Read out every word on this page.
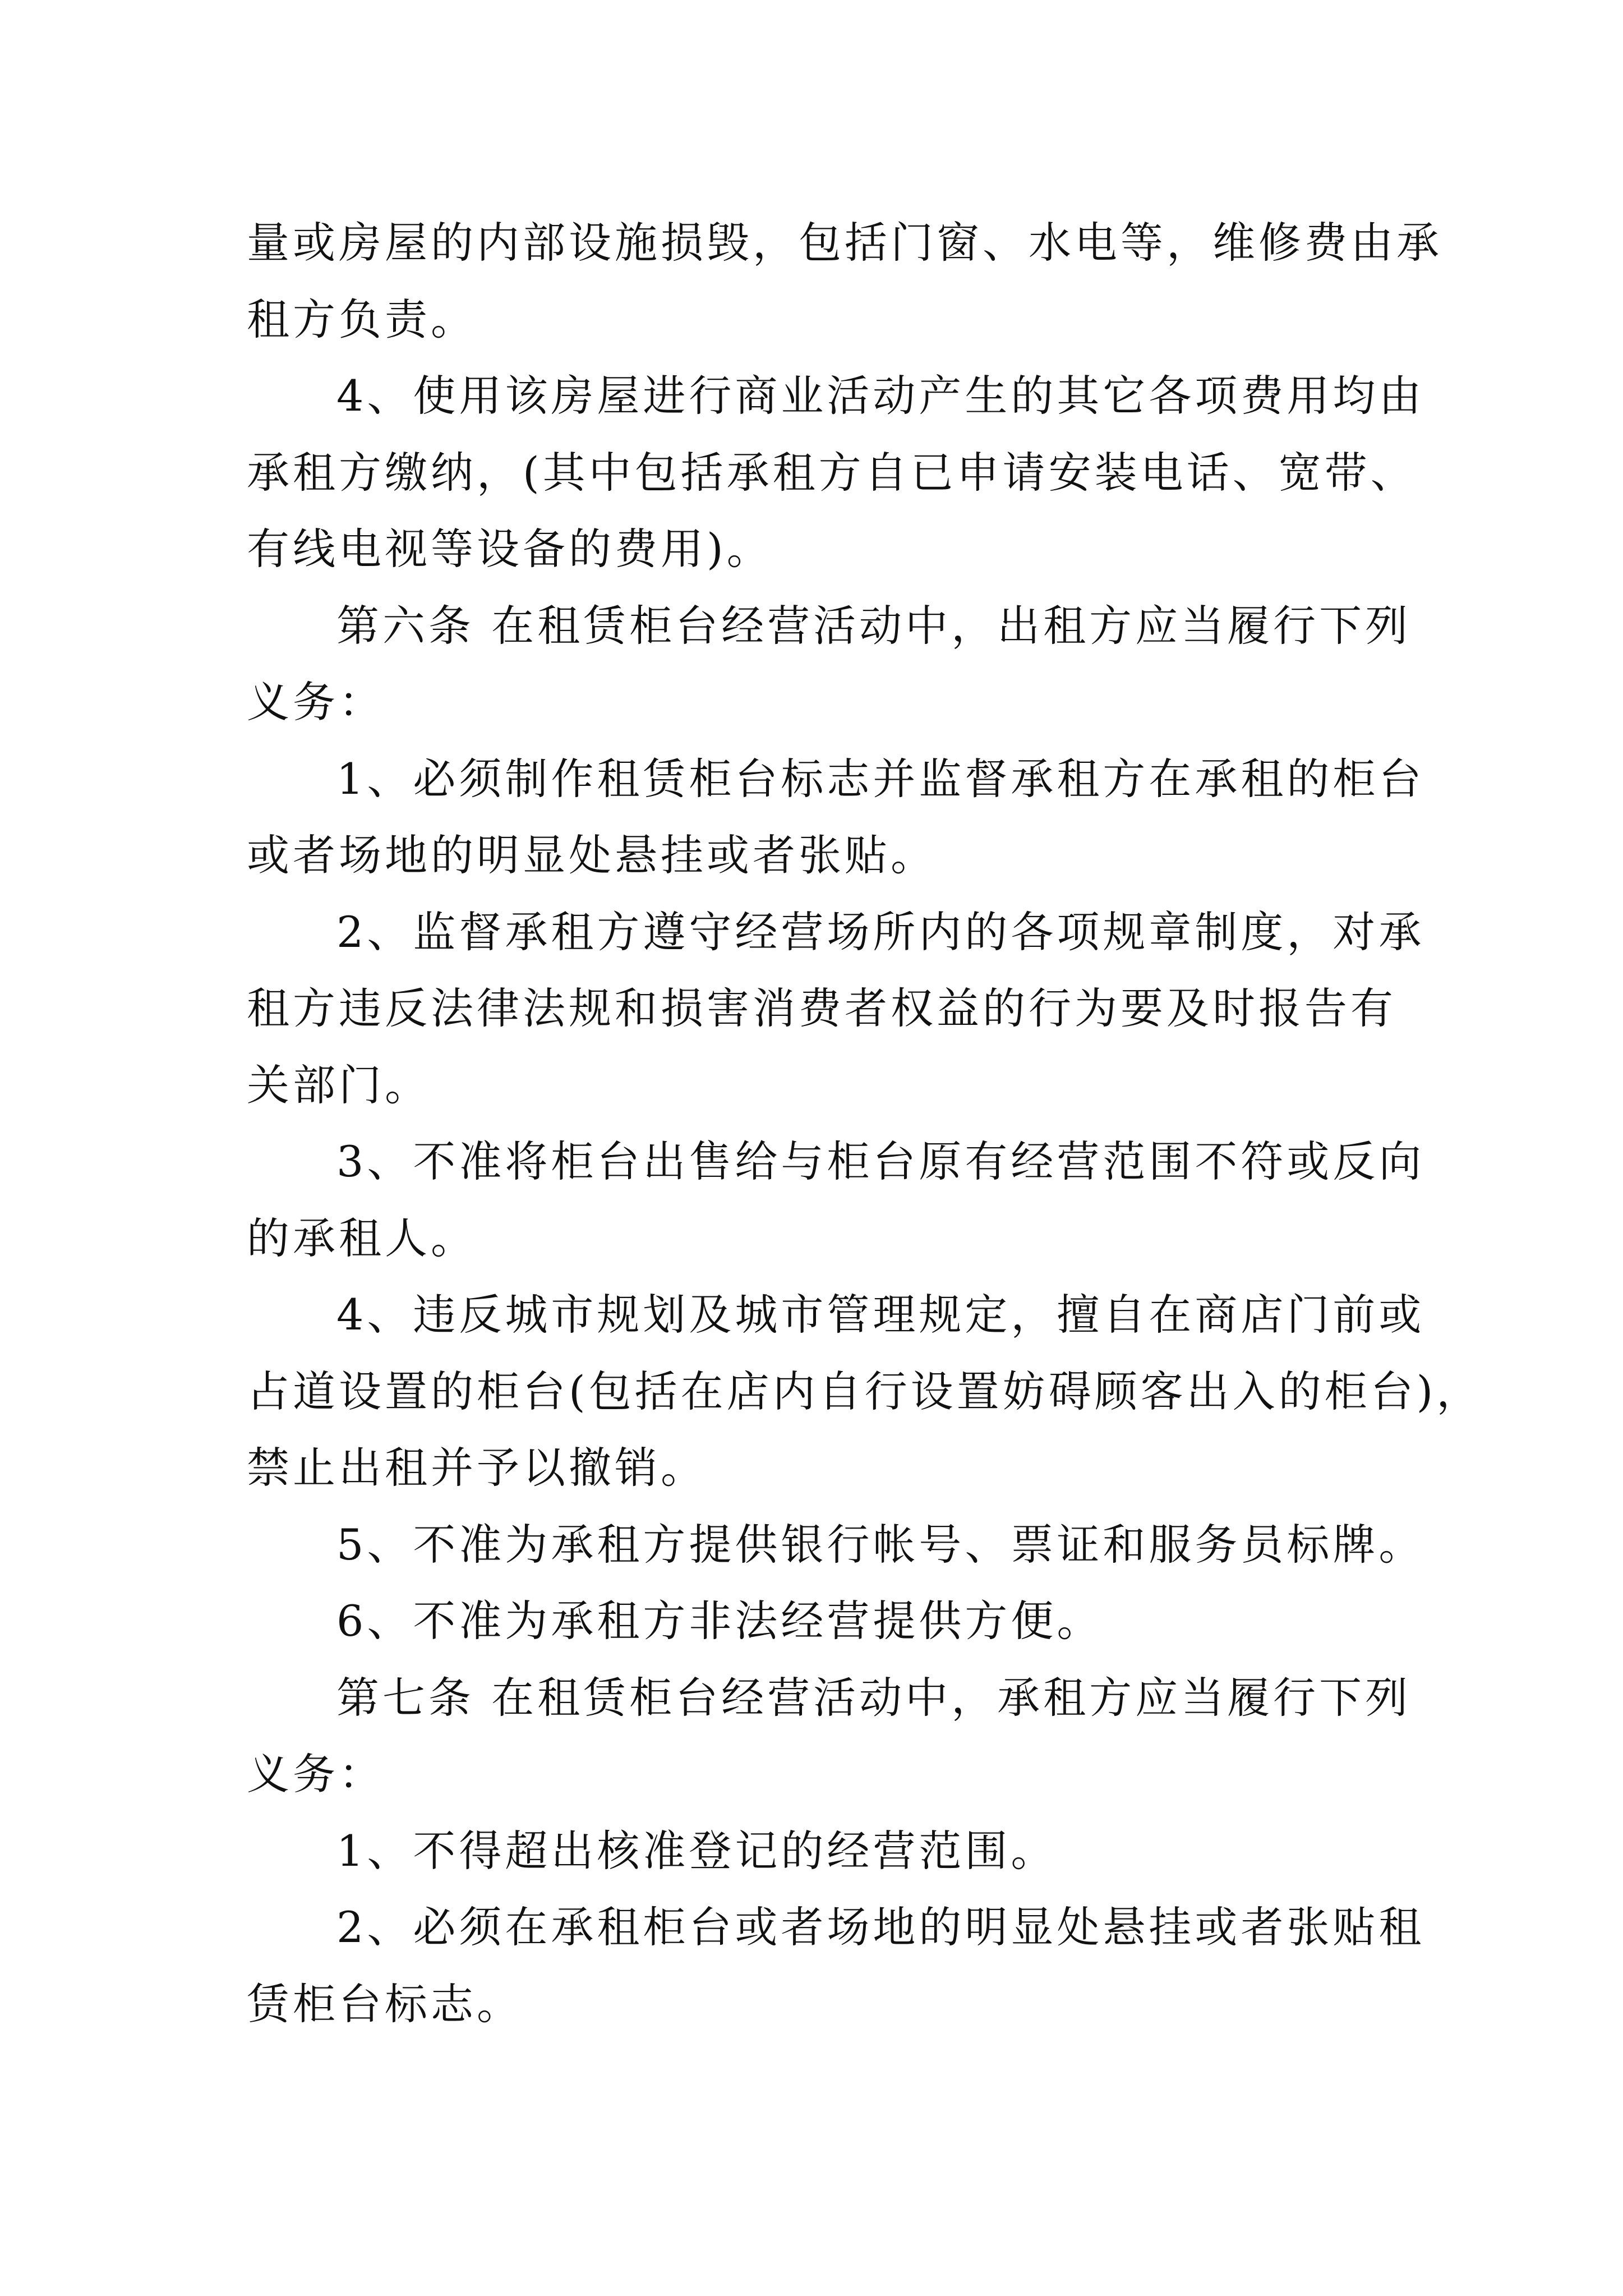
量或房屋的内部设施损毁，包括门窗、水电等，维修费由承
租方负责。
4、使用该房屋进行商业活动产生的其它各项费用均由
承租方缴纳，(其中包括承租方自已申请安装电话、宽带、
有线电视等设备的费用)。
第六条 在租赁柜台经营活动中，出租方应当履行下列
义务：
1、必须制作租赁柜台标志并监督承租方在承租的柜台
或者场地的明显处悬挂或者张贴。
2、监督承租方遵守经营场所内的各项规章制度，对承
租方违反法律法规和损害消费者权益的行为要及时报告有
关部门。
3、不准将柜台出售给与柜台原有经营范围不符或反向
的承租人。
4、违反城市规划及城市管理规定，擅自在商店门前或
占道设置的柜台(包括在店内自行设置妨碍顾客出入的柜台)，
禁止出租并予以撤销。
5、不准为承租方提供银行帐号、票证和服务员标牌。
6、不准为承租方非法经营提供方便。
第七条 在租赁柜台经营活动中，承租方应当履行下列
义务：
1、不得超出核准登记的经营范围。
2、必须在承租柜台或者场地的明显处悬挂或者张贴租
赁柜台标志。
